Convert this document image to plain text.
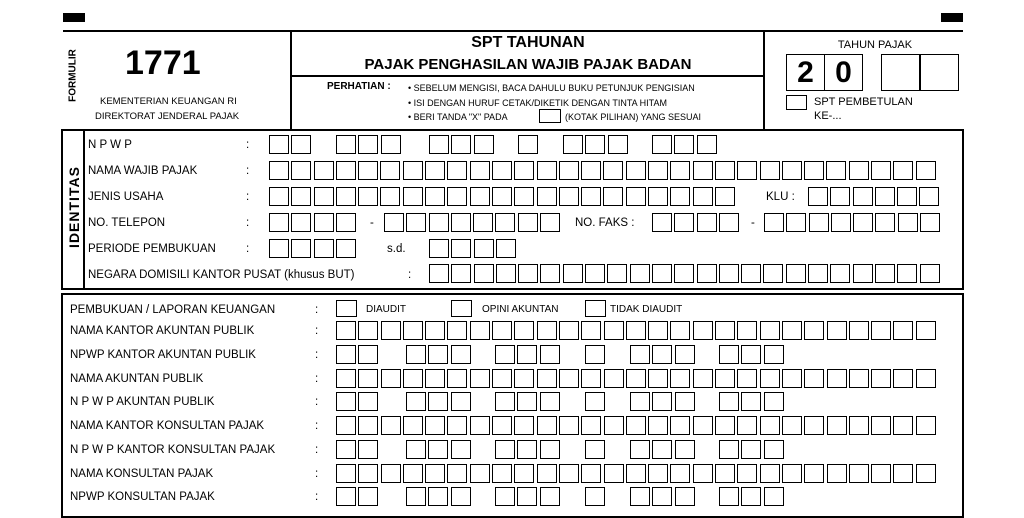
FORMULIR 1771
KEMENTERIAN KEUANGAN RI
DIREKTORAT JENDERAL PAJAK
SPT TAHUNAN
PAJAK PENGHASILAN WAJIB PAJAK BADAN
PERHATIAN : • SEBELUM MENGISI, BACA DAHULU BUKU PETUNJUK PENGISIAN
• ISI DENGAN HURUF CETAK/DIKETIK DENGAN TINTA HITAM
• BERI TANDA "X" PADA	(KOTAK PILIHAN) YANG SESUAI
TAHUN PAJAK
2 0
SPT PEMBETULAN
KE-...
IDENTITAS
N P W P	:
NAMA WAJIB PAJAK	:
JENIS USAHA	:	KLU :
NO. TELEPON	:	-	NO. FAKS :	-
PERIODE PEMBUKUAN	:	s.d.
NEGARA DOMISILI KANTOR PUSAT (khusus BUT)	:
PEMBUKUAN / LAPORAN KEUANGAN	:	DIAUDIT	OPINI AKUNTAN	TIDAK DIAUDIT
NAMA KANTOR AKUNTAN PUBLIK	:
NPWP KANTOR AKUNTAN PUBLIK	:
NAMA AKUNTAN PUBLIK	:
N P W P AKUNTAN PUBLIK	:
NAMA KANTOR KONSULTAN PAJAK	:
N P W P KANTOR KONSULTAN PAJAK	:
NAMA KONSULTAN PAJAK	:
NPWP KONSULTAN PAJAK	:
